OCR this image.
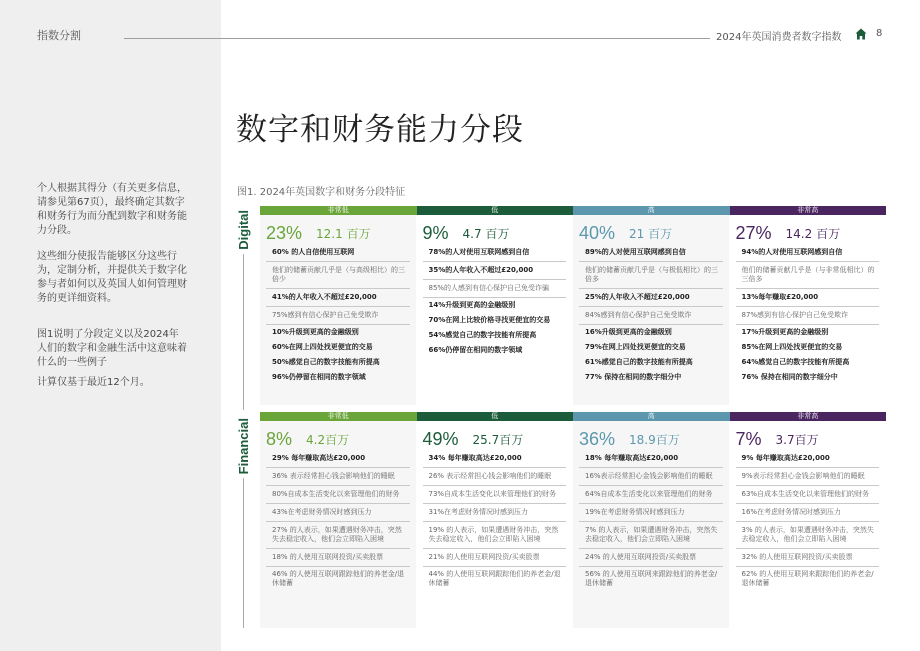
指数分割
个人根据其得分（有关更多信息，请参见第67页），最终确定其数字和财务行为而分配到数字和财务能力分段。
这些细分使报告能够区分这些行为，定制分析，并提供关于数字化参与者如何以及英国人如何管理财务的更详细资料。
图1说明了分段定义以及2024年人们的数字和金融生活中这意味着什么的一些例子
计算仅基于最近12个月。
2024年英国消费者数字指数	8
数字和财务能力分段
图1. 2024年英国数字和财务分段特征
Digital
Financial
非常低
23% 12.1 百万
60% 的人自信使用互联网
他们的储蓄贡献几乎是（与高级相比）的三倍少
41%的人年收入不超过£20,000
75%感到有信心保护自己免受欺诈
10%升级到更高的金融级别
60%在网上四处找更便宜的交易
50%感觉自己的数字技能有所提高
96%仍停留在相同的数字领域
低
9% 4.7 百万
78%的人对使用互联网感到自信
35%的人年收入不超过£20,000
85%的人感到有信心保护自己免受诈骗
14%升级到更高的金融级别
70%在网上比较价格寻找更便宜的交易
54%感觉自己的数字技能有所提高
66%仍停留在相同的数字领域
高
40% 21 百万
89%的人对使用互联网感到自信
他们的储蓄贡献几乎是（与极低相比）的三倍多
25%的人年收入不超过£20,000
84%感到有信心保护自己免受欺诈
16%升级到更高的金融级别
79%在网上四处找更便宜的交易
61%感觉自己的数字技能有所提高
77% 保持在相同的数字细分中
非常高
27% 14.2 百万
94%的人对使用互联网感到自信
他们的储蓄贡献几乎是（与非常低相比）的三倍多
13%每年赚取£20,000
87%感到有信心保护自己免受欺诈
17%升级到更高的金融级别
85%在网上四处找更便宜的交易
64%感觉自己的数字技能有所提高
76% 保持在相同的数字细分中
非常低
8% 4.2百万
29% 每年赚取高达£20,000
36% 表示经常担心钱会影响他们的睡眠
80%自成本生活变化以来管理他们的财务
43%在考虑财务情况时感到压力
27% 的人表示，如果遭遇财务冲击，突然失去稳定收入，他们会立即陷入困境
18% 的人使用互联网投资/买卖股票
46% 的人使用互联网跟踪他们的养老金/退休储蓄
低
49% 25.7百万
34% 每年赚取高达£20,000
26% 表示经常担心钱会影响他们的睡眠
73%自成本生活变化以来管理他们的财务
31%在考虑财务情况时感到压力
19% 的人表示，如果遭遇财务冲击，突然失去稳定收入，他们会立即陷入困境
21% 的人使用互联网投资/买卖股票
44% 的人使用互联网跟踪他们的养老金/退休储蓄
高
36% 18.9百万
18% 每年赚取高达£20,000
16%表示经常担心金钱会影响他们的睡眠
64%自成本生活变化以来管理他们的财务
19%在考虑财务情况时感到压力
7% 的人表示，如果遭遇财务冲击，突然失去稳定收入，他们会立即陷入困境
24% 的人使用互联网投资/买卖股票
56% 的人使用互联网来跟踪他们的养老金/退休储蓄
非常高
7% 3.7百万
9% 每年赚取高达£20,000
9%表示经常担心金钱会影响他们的睡眠
63%自成本生活变化以来管理他们的财务
16%在考虑财务情况时感到压力
3% 的人表示，如果遭遇财务冲击，突然失去稳定收入，他们会立即陷入困境
32% 的人使用互联网投资/买卖股票
62% 的人使用互联网来跟踪他们的养老金/退休储蓄
